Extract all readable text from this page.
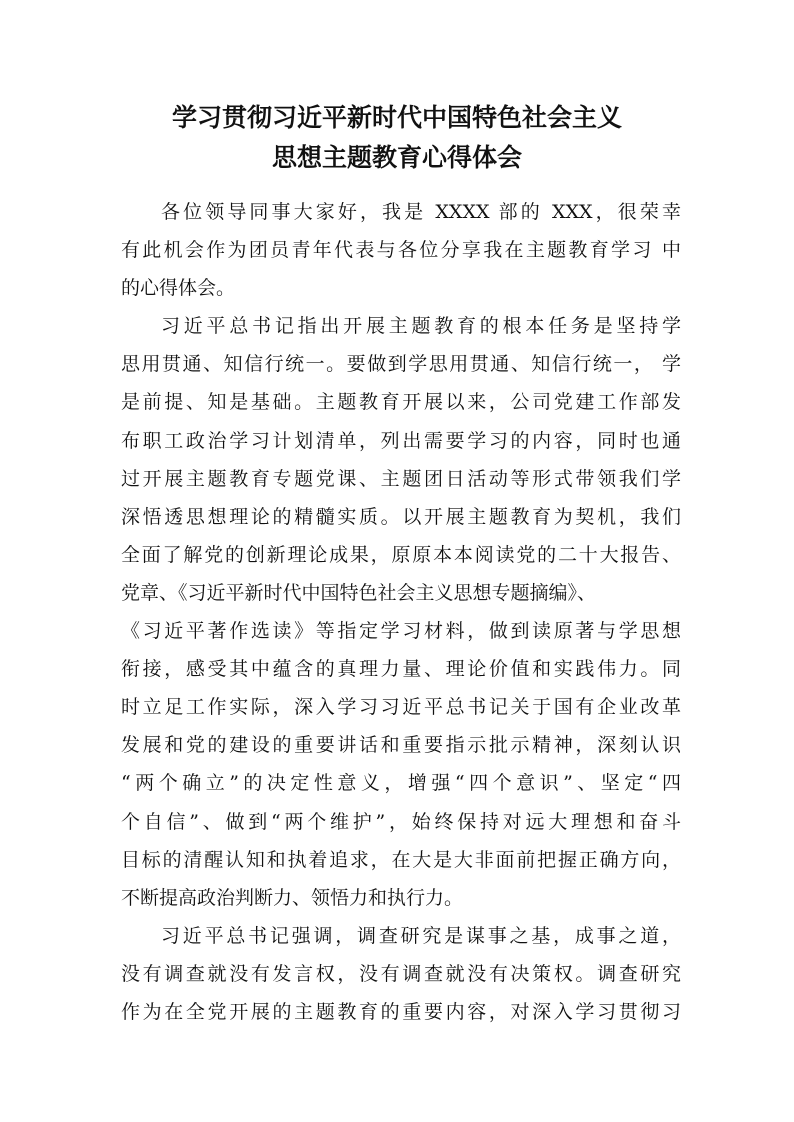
学习贯彻习近平新时代中国特色社会主义
思想主题教育心得体会
各位领导同事大家好，我是 XXXX 部的 XXX，很荣幸
有此机会作为团员青年代表与各位分享我在主题教育学习 中
的心得体会。
习近平总书记指出开展主题教育的根本任务是坚持学
思用贯通、知信行统一。要做到学思用贯通、知信行统一， 学
是前提、知是基础。主题教育开展以来，公司党建工作部发
布职工政治学习计划清单，列出需要学习的内容，同时也通
过开展主题教育专题党课、主题团日活动等形式带领我们学
深悟透思想理论的精髓实质。以开展主题教育为契机，我们
全面了解党的创新理论成果，原原本本阅读党的二十大报告、
党章、《习近平新时代中国特色社会主义思想专题摘编》、
《习近平著作选读》等指定学习材料，做到读原著与学思想
衔接，感受其中蕴含的真理力量、理论价值和实践伟力。同
时立足工作实际，深入学习习近平总书记关于国有企业改革
发展和党的建设的重要讲话和重要指示批示精神，深刻认识
“两个确立”的决定性意义，增强“四个意识”、坚定“四
个自信”、做到“两个维护”，始终保持对远大理想和奋斗
目标的清醒认知和执着追求，在大是大非面前把握正确方向，
不断提高政治判断力、领悟力和执行力。
习近平总书记强调，调查研究是谋事之基，成事之道，
没有调查就没有发言权，没有调查就没有决策权。调查研究
作为在全党开展的主题教育的重要内容，对深入学习贯彻习
